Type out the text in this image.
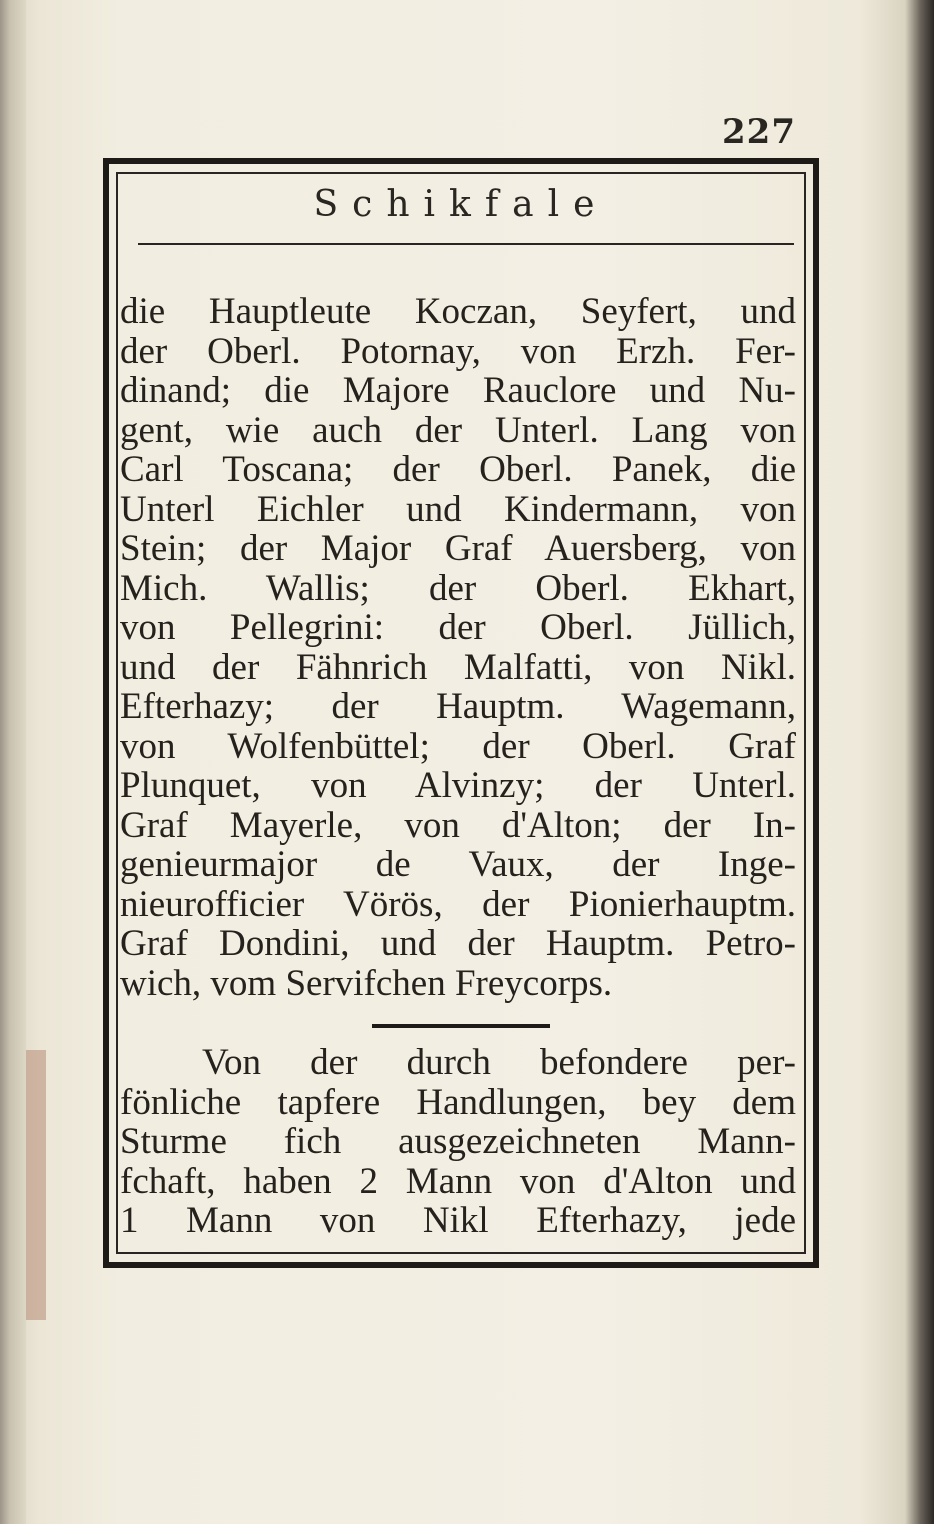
227
Schikfale
die Hauptleute Koczan, Seyfert, und
der Oberl. Potornay, von Erzh. Fer-
dinand; die Majore Rauclore und Nu-
gent, wie auch der Unterl. Lang von
Carl Toscana; der Oberl. Panek, die
Unterl Eichler und Kindermann, von
Stein; der Major Graf Auersberg, von
Mich. Wallis; der Oberl. Ekhart,
von Pellegrini: der Oberl. Jüllich,
und der Fähnrich Malfatti, von Nikl.
Efterhazy; der Hauptm. Wagemann,
von Wolfenbüttel; der Oberl. Graf
Plunquet, von Alvinzy; der Unterl.
Graf Mayerle, von d'Alton; der In-
genieurmajor de Vaux, der Inge-
nieurofficier Vörös, der Pionierhauptm.
Graf Dondini, und der Hauptm. Petro-
wich, vom Servifchen Freycorps.
Von der durch befondere per-
fönliche tapfere Handlungen, bey dem
Sturme fich ausgezeichneten Mann-
fchaft, haben 2 Mann von d'Alton und
1 Mann von Nikl Efterhazy, jede
